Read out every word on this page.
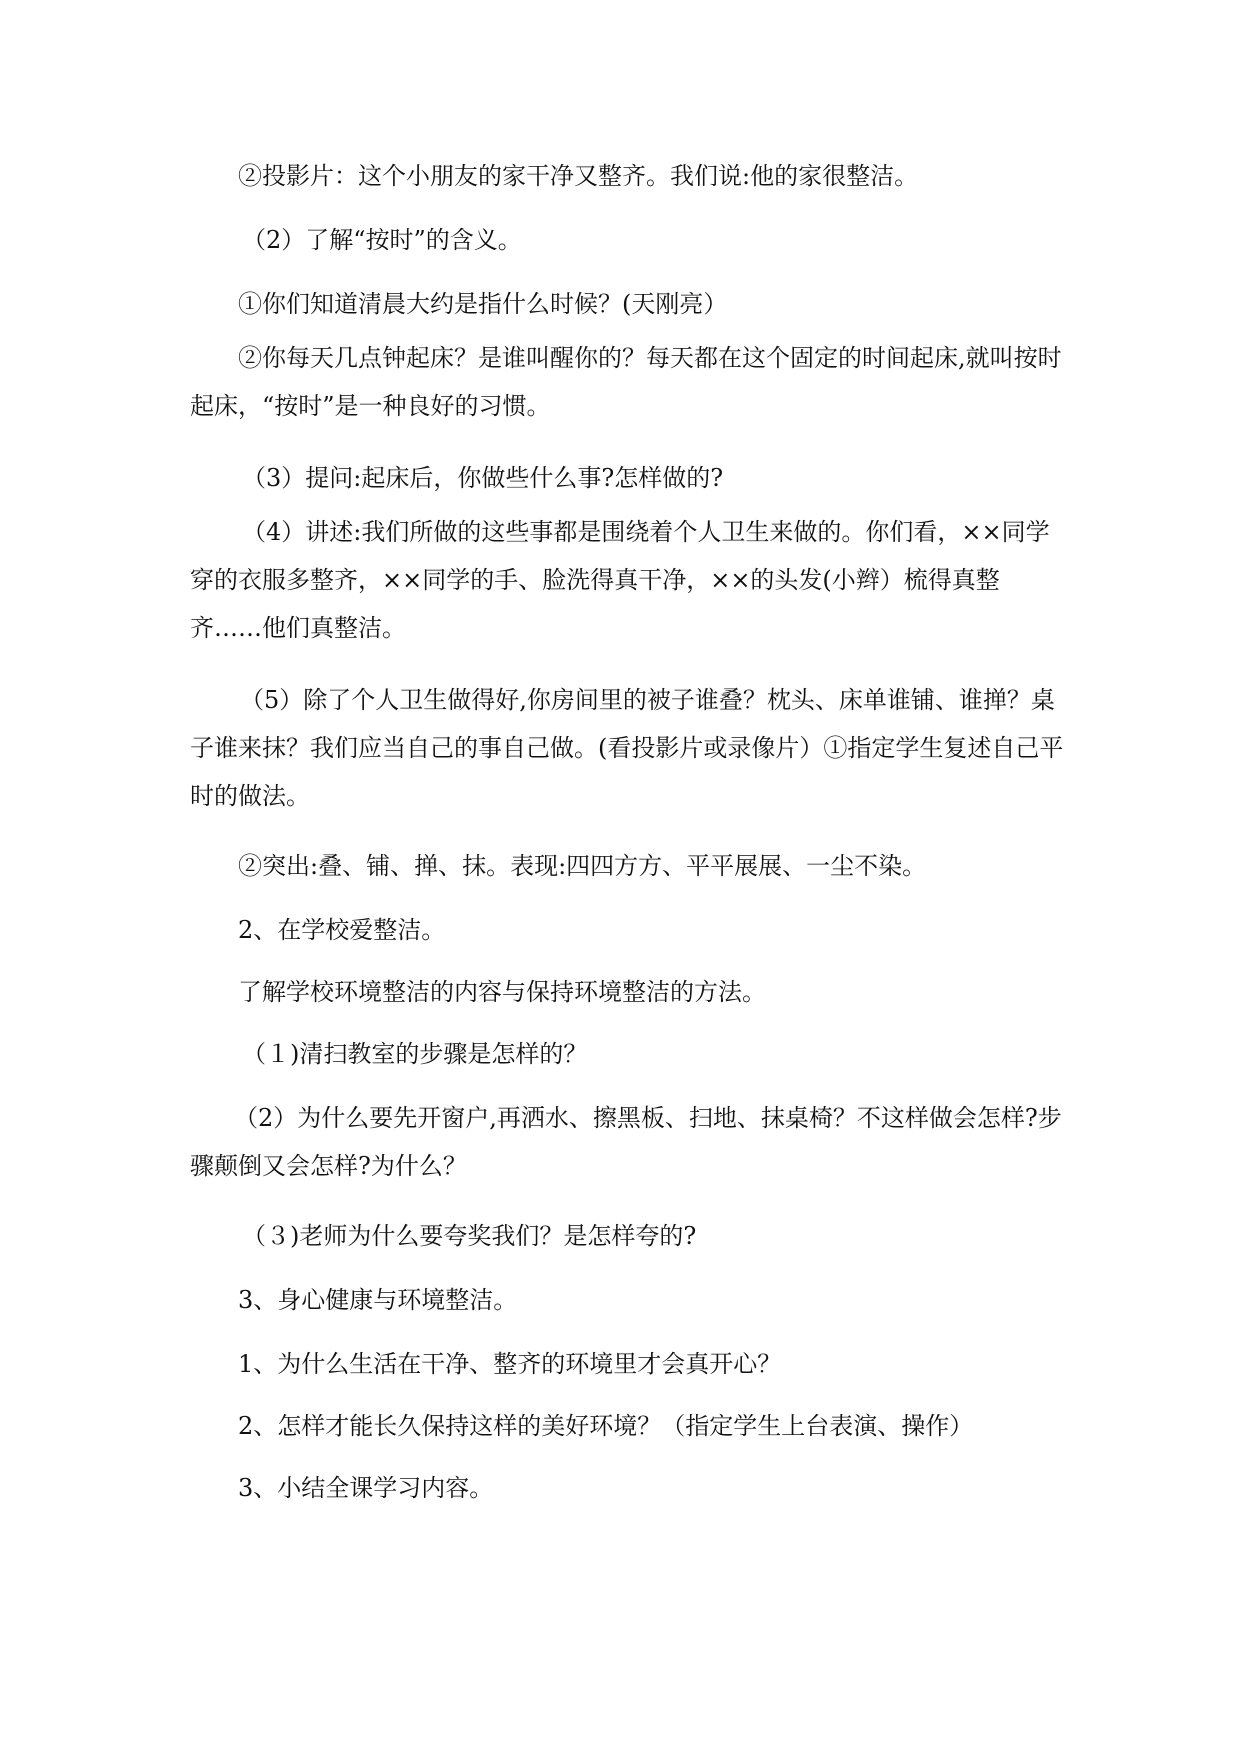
②投影片：这个小朋友的家干净又整齐。我们说:他的家很整洁。

（2）了解“按时”的含义。

①你们知道清晨大约是指什么时候？(天刚亮）

②你每天几点钟起床？是谁叫醒你的？每天都在这个固定的时间起床,就叫按时起床，“按时”是一种良好的习惯。

（3）提问:起床后，你做些什么事?怎样做的?

（4）讲述:我们所做的这些事都是围绕着个人卫生来做的。你们看，××同学穿的衣服多整齐，××同学的手、脸洗得真干净，××的头发(小辫）梳得真整齐……他们真整洁。

（5）除了个人卫生做得好,你房间里的被子谁叠？枕头、床单谁铺、谁掸？桌子谁来抹？我们应当自己的事自己做。(看投影片或录像片）①指定学生复述自己平时的做法。

②突出:叠、铺、掸、抹。表现:四四方方、平平展展、一尘不染。

2、在学校爱整洁。

了解学校环境整洁的内容与保持环境整洁的方法。

（１)清扫教室的步骤是怎样的？

（2）为什么要先开窗户,再洒水、擦黑板、扫地、抹桌椅？不这样做会怎样?步骤颠倒又会怎样?为什么？

（３)老师为什么要夸奖我们？是怎样夸的?

3、身心健康与环境整洁。

1、为什么生活在干净、整齐的环境里才会真开心？

2、怎样才能长久保持这样的美好环境？（指定学生上台表演、操作）

3、小结全课学习内容。
